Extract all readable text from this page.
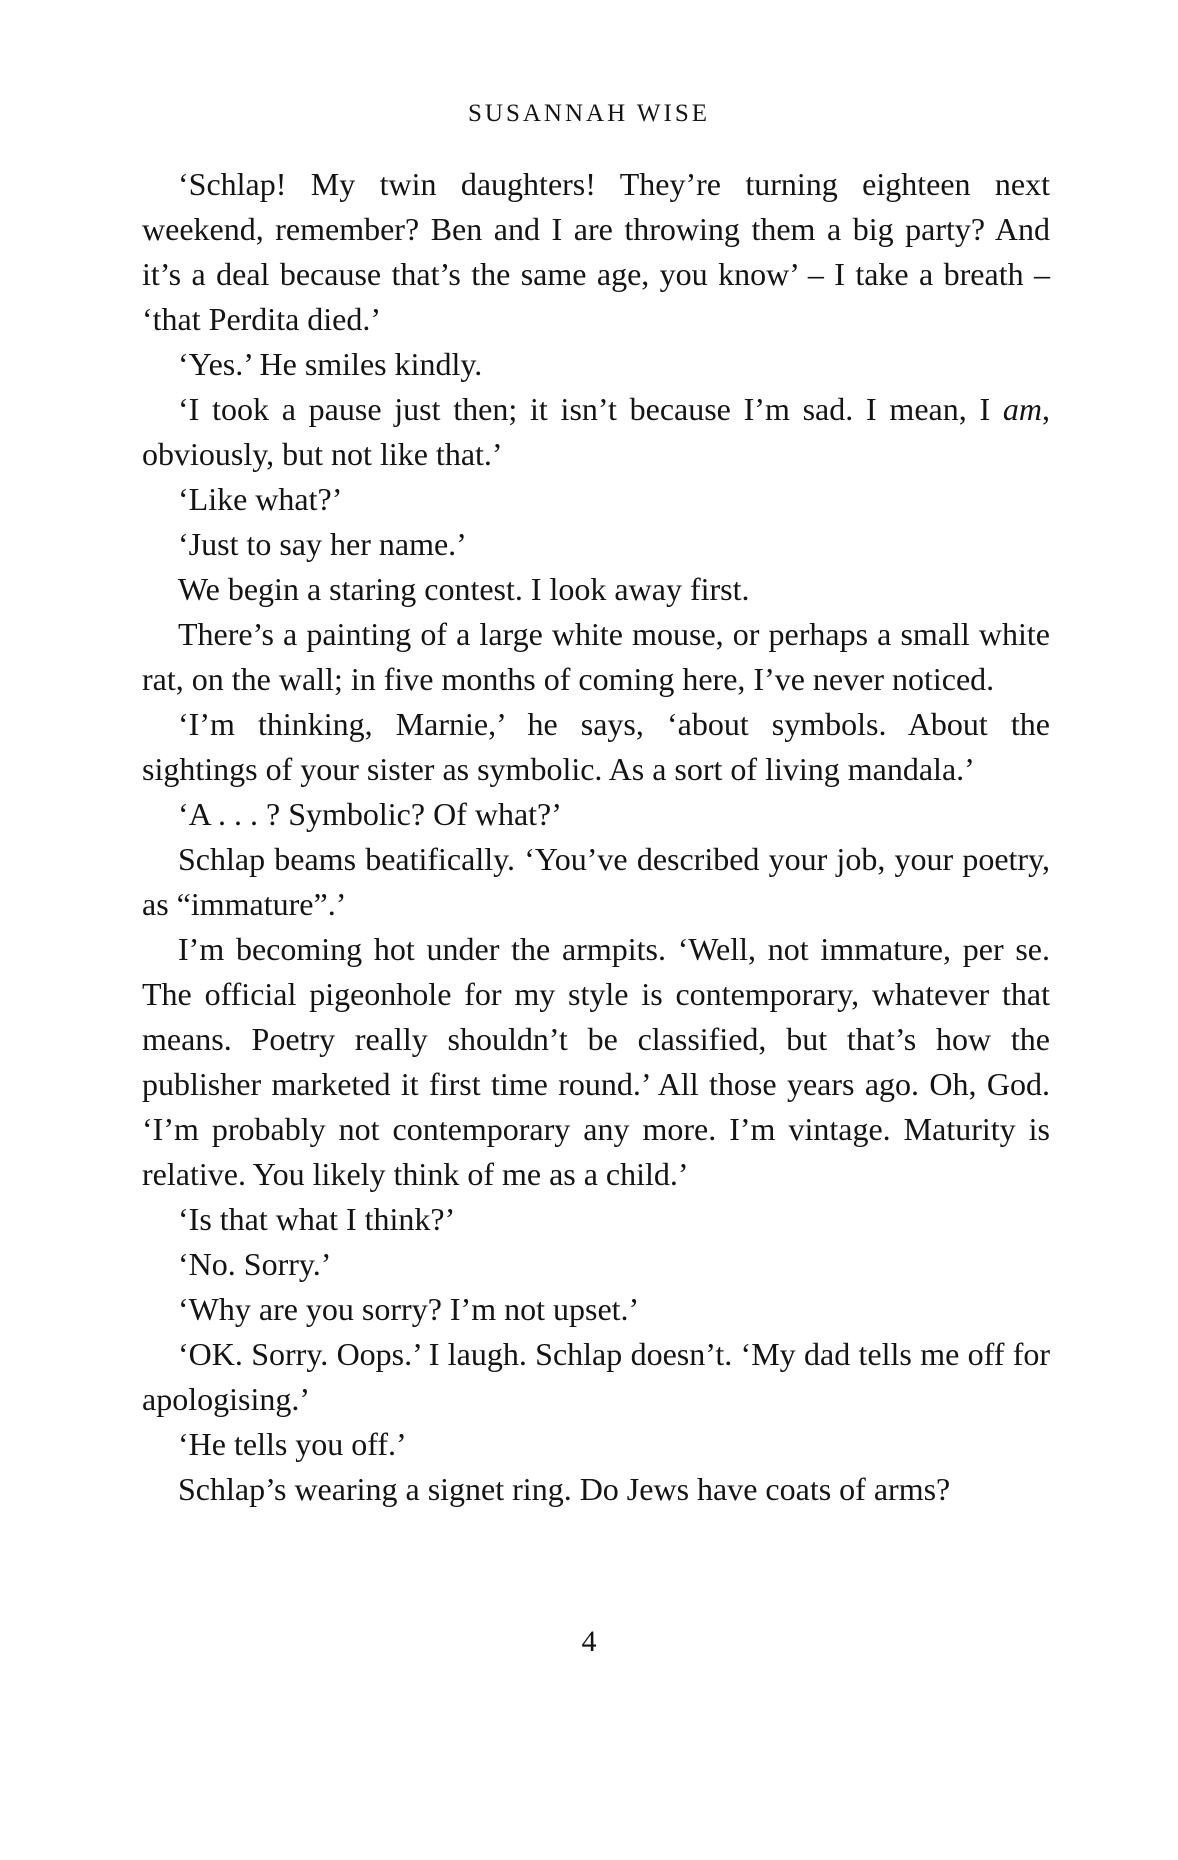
SUSANNAH WISE

‘Schlap! My twin daughters! They’re turning eighteen next weekend, remember? Ben and I are throwing them a big party? And it’s a deal because that’s the same age, you know’ – I take a breath – ‘that Perdita died.’

‘Yes.’ He smiles kindly.

‘I took a pause just then; it isn’t because I’m sad. I mean, I am, obviously, but not like that.’

‘Like what?’

‘Just to say her name.’

We begin a staring contest. I look away first.

There’s a painting of a large white mouse, or perhaps a small white rat, on the wall; in five months of coming here, I’ve never noticed.

‘I’m thinking, Marnie,’ he says, ‘about symbols. About the sightings of your sister as symbolic. As a sort of living mandala.’

‘A . . . ? Symbolic? Of what?’

Schlap beams beatifically. ‘You’ve described your job, your poetry, as “immature”.’

I’m becoming hot under the armpits. ‘Well, not immature, per se. The official pigeonhole for my style is contemporary, whatever that means. Poetry really shouldn’t be classified, but that’s how the publisher marketed it first time round.’ All those years ago. Oh, God. ‘I’m probably not contemporary any more. I’m vintage. Maturity is relative. You likely think of me as a child.’

‘Is that what I think?’

‘No. Sorry.’

‘Why are you sorry? I’m not upset.’

‘OK. Sorry. Oops.’ I laugh. Schlap doesn’t. ‘My dad tells me off for apologising.’

‘He tells you off.’

Schlap’s wearing a signet ring. Do Jews have coats of arms?

4
